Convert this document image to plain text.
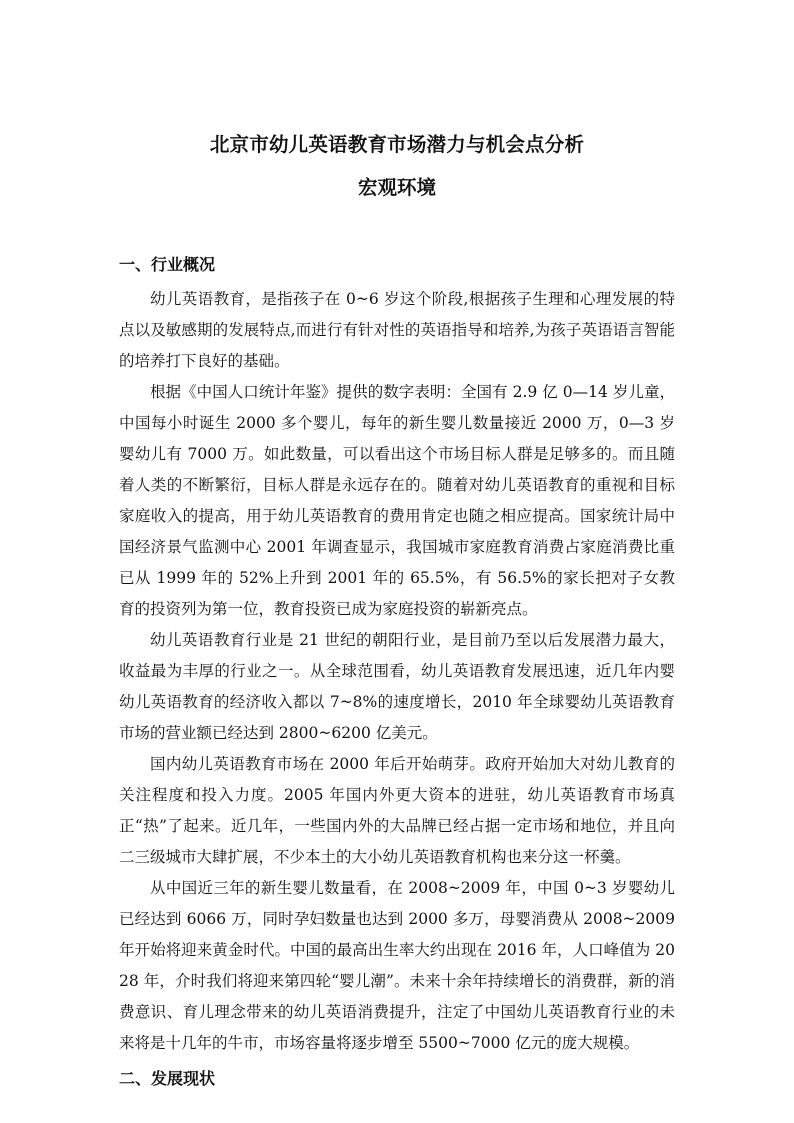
北京市幼儿英语教育市场潜力与机会点分析
宏观环境
一、行业概况

幼儿英语教育，是指孩子在 0~6 岁这个阶段,根据孩子生理和心理发展的特点以及敏感期的发展特点,而进行有针对性的英语指导和培养,为孩子英语语言智能的培养打下良好的基础。

根据《中国人口统计年鉴》提供的数字表明：全国有 2.9 亿 0—14 岁儿童，中国每小时诞生 2000 多个婴儿，每年的新生婴儿数量接近 2000 万，0—3 岁婴幼儿有 7000 万。如此数量，可以看出这个市场目标人群是足够多的。而且随着人类的不断繁衍，目标人群是永远存在的。随着对幼儿英语教育的重视和目标家庭收入的提高，用于幼儿英语教育的费用肯定也随之相应提高。国家统计局中国经济景气监测中心 2001 年调查显示，我国城市家庭教育消费占家庭消费比重已从 1999 年的 52%上升到 2001 年的 65.5%，有 56.5%的家长把对子女教育的投资列为第一位，教育投资已成为家庭投资的崭新亮点。

幼儿英语教育行业是 21 世纪的朝阳行业，是目前乃至以后发展潜力最大，收益最为丰厚的行业之一。从全球范围看，幼儿英语教育发展迅速，近几年内婴幼儿英语教育的经济收入都以 7~8%的速度增长，2010 年全球婴幼儿英语教育市场的营业额已经达到 2800~6200 亿美元。

国内幼儿英语教育市场在 2000 年后开始萌芽。政府开始加大对幼儿教育的关注程度和投入力度。2005 年国内外更大资本的进驻，幼儿英语教育市场真正“热”了起来。近几年，一些国内外的大品牌已经占据一定市场和地位，并且向二三级城市大肆扩展，不少本土的大小幼儿英语教育机构也来分这一杯羹。

从中国近三年的新生婴儿数量看，在 2008~2009 年，中国 0~3 岁婴幼儿已经达到 6066 万，同时孕妇数量也达到 2000 多万，母婴消费从 2008~2009 年开始将迎来黄金时代。中国的最高出生率大约出现在 2016 年，人口峰值为 2028 年，介时我们将迎来第四轮“婴儿潮”。未来十余年持续增长的消费群，新的消费意识、育儿理念带来的幼儿英语消费提升，注定了中国幼儿英语教育行业的未来将是十几年的牛市，市场容量将逐步增至 5500~7000 亿元的庞大规模。

二、发展现状
